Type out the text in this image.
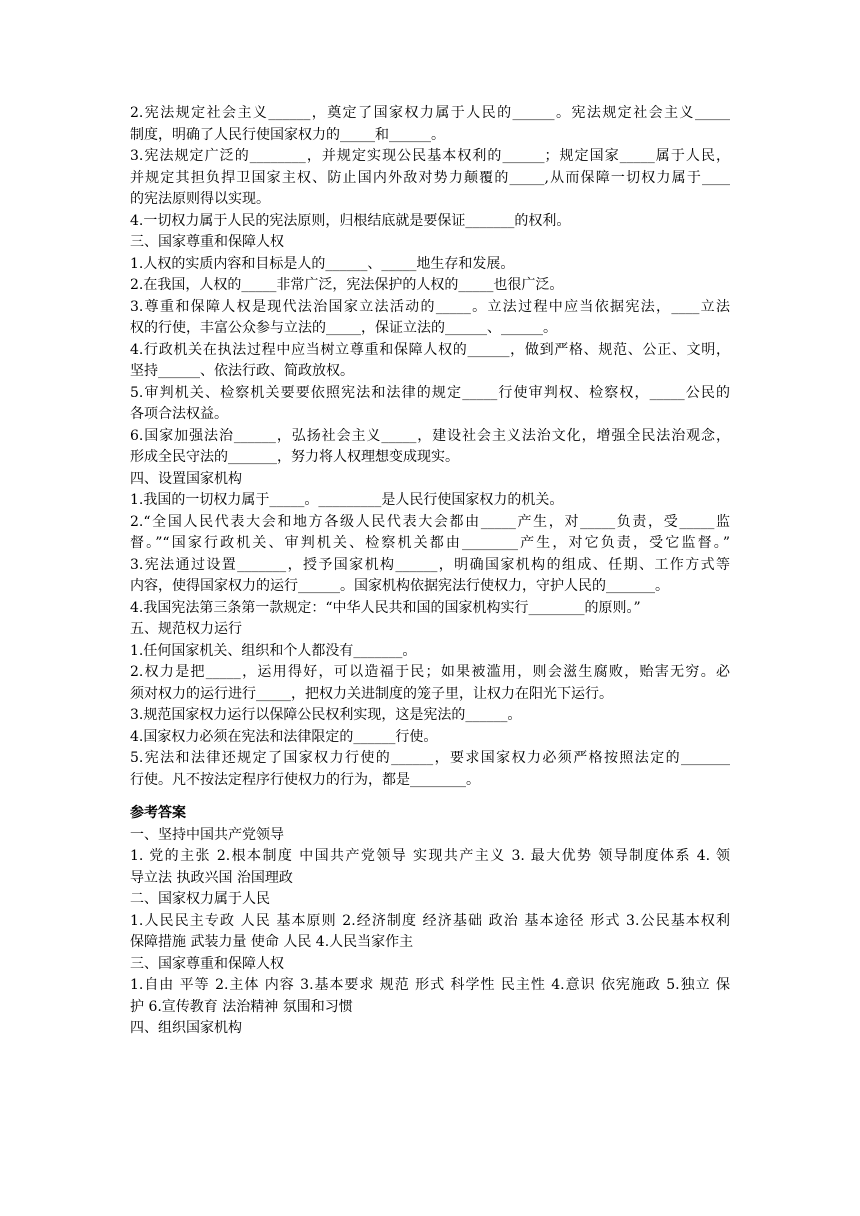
2.宪法规定社会主义______，奠定了国家权力属于人民的______。宪法规定社会主义_____
制度，明确了人民行使国家权力的_____和______。
3.宪法规定广泛的________，并规定实现公民基本权利的______；规定国家_____属于人民，
并规定其担负捍卫国家主权、防止国内外敌对势力颠覆的_____,从而保障一切权力属于____
的宪法原则得以实现。
4.一切权力属于人民的宪法原则，归根结底就是要保证_______的权利。
三、国家尊重和保障人权
1.人权的实质内容和目标是人的______、_____地生存和发展。
2.在我国，人权的_____非常广泛，宪法保护的人权的_____也很广泛。
3.尊重和保障人权是现代法治国家立法活动的_____。立法过程中应当依据宪法，____立法
权的行使，丰富公众参与立法的_____，保证立法的______、______。
4.行政机关在执法过程中应当树立尊重和保障人权的______，做到严格、规范、公正、文明，
坚持______、依法行政、简政放权。
5.审判机关、检察机关要要依照宪法和法律的规定_____行使审判权、检察权，_____公民的
各项合法权益。
6.国家加强法治______，弘扬社会主义_____，建设社会主义法治文化，增强全民法治观念，
形成全民守法的_______，努力将人权理想变成现实。
四、设置国家机构
1.我国的一切权力属于_____。_________是人民行使国家权力的机关。
2.“全国人民代表大会和地方各级人民代表大会都由_____产生，对_____负责，受_____监
督。”“国家行政机关、审判机关、检察机关都由________产生，对它负责，受它监督。”
3.宪法通过设置_______，授予国家机构______，明确国家机构的组成、任期、工作方式等
内容，使得国家权力的运行______。国家机构依据宪法行使权力，守护人民的_______。
4.我国宪法第三条第一款规定：“中华人民共和国的国家机构实行________的原则。”
五、规范权力运行
1.任何国家机关、组织和个人都没有_______。
2.权力是把_____，运用得好，可以造福于民；如果被滥用，则会滋生腐败，贻害无穷。必
须对权力的运行进行_____，把权力关进制度的笼子里，让权力在阳光下运行。
3.规范国家权力运行以保障公民权利实现，这是宪法的______。
4.国家权力必须在宪法和法律限定的______行使。
5.宪法和法律还规定了国家权力行使的______，要求国家权力必须严格按照法定的_______
行使。凡不按法定程序行使权力的行为，都是________。
参考答案
一、坚持中国共产党领导
1. 党的主张 2.根本制度 中国共产党领导 实现共产主义 3. 最大优势 领导制度体系 4. 领
导立法 执政兴国 治国理政
二、国家权力属于人民
1.人民民主专政 人民 基本原则 2.经济制度 经济基础 政治 基本途径 形式 3.公民基本权利
保障措施 武装力量 使命 人民 4.人民当家作主
三、国家尊重和保障人权
1.自由 平等 2.主体 内容 3.基本要求 规范 形式 科学性 民主性 4.意识 依宪施政 5.独立 保
护 6.宣传教育 法治精神 氛围和习惯
四、组织国家机构
